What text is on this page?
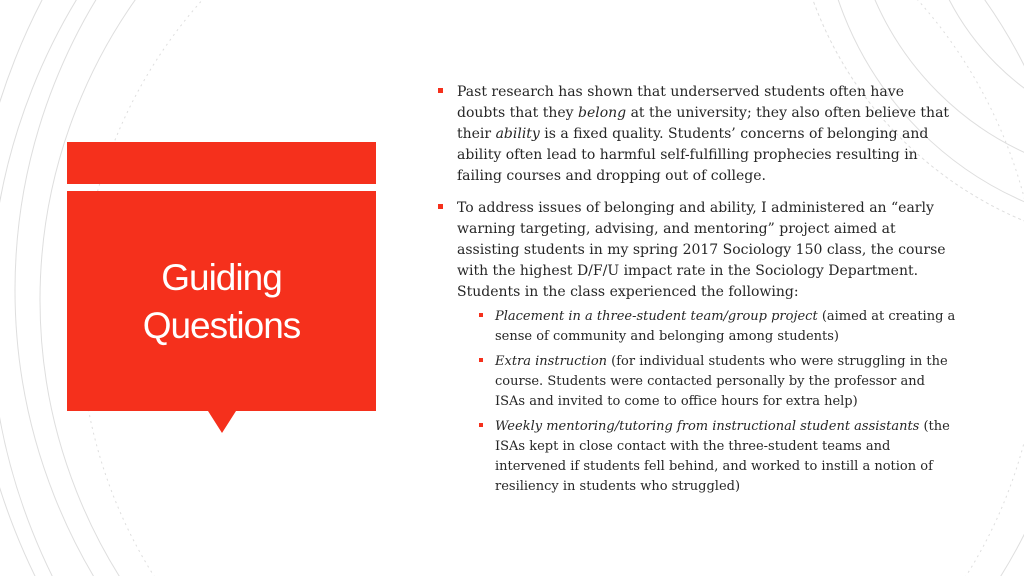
Guiding
Questions
Past research has shown that underserved students often have doubts that they belong at the university; they also often believe that their ability is a fixed quality. Students’ concerns of belonging and ability often lead to harmful self-fulfilling prophecies resulting in failing courses and dropping out of college.
To address issues of belonging and ability, I administered an “early warning targeting, advising, and mentoring” project aimed at assisting students in my spring 2017 Sociology 150 class, the course with the highest D/F/U impact rate in the Sociology Department. Students in the class experienced the following:
Placement in a three-student team/group project (aimed at creating a sense of community and belonging among students)
Extra instruction (for individual students who were struggling in the course. Students were contacted personally by the professor and ISAs and invited to come to office hours for extra help)
Weekly mentoring/tutoring from instructional student assistants (the ISAs kept in close contact with the three-student teams and intervened if students fell behind, and worked to instill a notion of resiliency in students who struggled)
